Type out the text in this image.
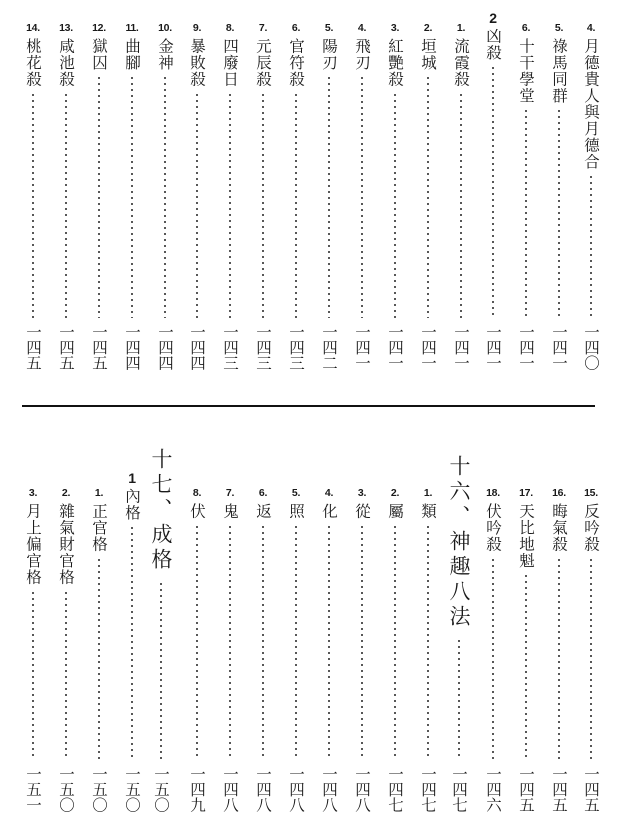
4.
月德貴人與月德合
一四〇
5.
祿馬同群
一四一
6.
十干學堂
一四一
2
凶殺
一四一
1.
流霞殺
一四一
2.
垣城
一四一
3.
紅艷殺
一四一
4.
飛刃
一四一
5.
陽刃
一四二
6.
官符殺
一四三
7.
元辰殺
一四三
8.
四廢日
一四三
9.
暴敗殺
一四四
10.
金神
一四四
11.
曲腳
一四四
12.
獄囚
一四五
13.
咸池殺
一四五
14.
桃花殺
一四五
15.
反吟殺
一四五
16.
晦氣殺
一四五
17.
天比地魁
一四五
18.
伏吟殺
一四六
十六、神趣八法
一四七
1.
類
一四七
2.
屬
一四七
3.
從
一四八
4.
化
一四八
5.
照
一四八
6.
返
一四八
7.
鬼
一四八
8.
伏
一四九
十七、成格
一五〇
1
內格
一五〇
1.
正官格
一五〇
2.
雜氣財官格
一五〇
3.
月上偏官格
一五一
